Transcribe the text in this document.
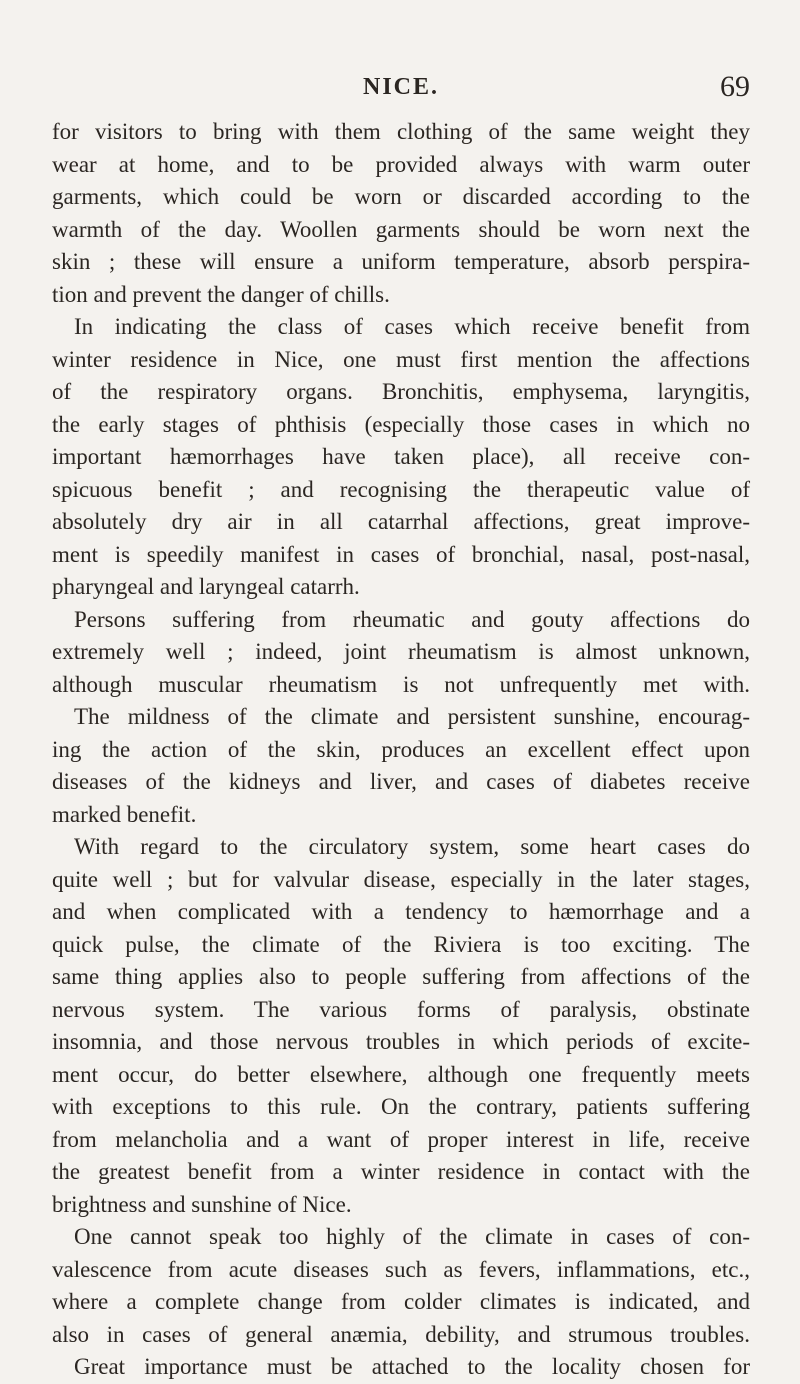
NICE.	69
for visitors to bring with them clothing of the same weight they
wear at home, and to be provided always with warm outer
garments, which could be worn or discarded according to the
warmth of the day. Woollen garments should be worn next the
skin ; these will ensure a uniform temperature, absorb perspira-
tion and prevent the danger of chills.
In indicating the class of cases which receive benefit from
winter residence in Nice, one must first mention the affections
of the respiratory organs. Bronchitis, emphysema, laryngitis,
the early stages of phthisis (especially those cases in which no
important hæmorrhages have taken place), all receive con-
spicuous benefit ; and recognising the therapeutic value of
absolutely dry air in all catarrhal affections, great improve-
ment is speedily manifest in cases of bronchial, nasal, post-nasal,
pharyngeal and laryngeal catarrh.
Persons suffering from rheumatic and gouty affections do
extremely well ; indeed, joint rheumatism is almost unknown,
although muscular rheumatism is not unfrequently met with.
The mildness of the climate and persistent sunshine, encourag-
ing the action of the skin, produces an excellent effect upon
diseases of the kidneys and liver, and cases of diabetes receive
marked benefit.
With regard to the circulatory system, some heart cases do
quite well ; but for valvular disease, especially in the later stages,
and when complicated with a tendency to hæmorrhage and a
quick pulse, the climate of the Riviera is too exciting. The
same thing applies also to people suffering from affections of the
nervous system. The various forms of paralysis, obstinate
insomnia, and those nervous troubles in which periods of excite-
ment occur, do better elsewhere, although one frequently meets
with exceptions to this rule. On the contrary, patients suffering
from melancholia and a want of proper interest in life, receive
the greatest benefit from a winter residence in contact with the
brightness and sunshine of Nice.
One cannot speak too highly of the climate in cases of con-
valescence from acute diseases such as fevers, inflammations, etc.,
where a complete change from colder climates is indicated, and
also in cases of general anæmia, debility, and strumous troubles.
Great importance must be attached to the locality chosen for
